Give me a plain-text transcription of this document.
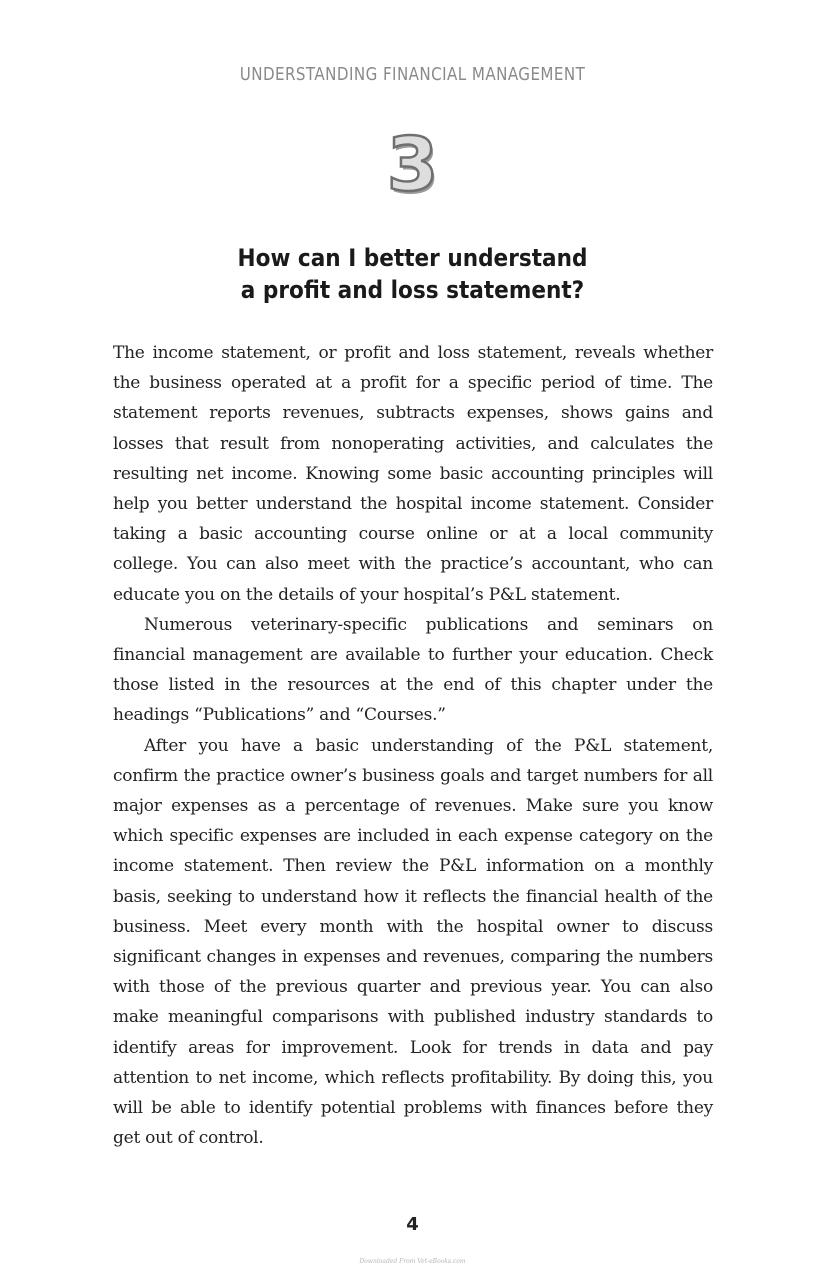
UNDERSTANDING FINANCIAL MANAGEMENT
3
How can I better understand
a profit and loss statement?

The income statement, or profit and loss statement, reveals whether the business operated at a profit for a specific period of time. The statement reports revenues, subtracts expenses, shows gains and losses that result from nonoperating activities, and calculates the resulting net income. Knowing some basic accounting principles will help you better understand the hospital income statement. Consider taking a basic accounting course online or at a local community college. You can also meet with the practice’s accountant, who can educate you on the details of your hospital’s P&L statement.

Numerous veterinary-specific publications and seminars on financial management are available to further your education. Check those listed in the resources at the end of this chapter under the headings “Publications” and “Courses.”

After you have a basic understanding of the P&L statement, confirm the practice owner’s business goals and target numbers for all major expenses as a percentage of revenues. Make sure you know which specific expenses are included in each expense category on the income statement. Then review the P&L information on a monthly basis, seeking to understand how it reflects the financial health of the business. Meet every month with the hospital owner to discuss significant changes in expenses and revenues, comparing the numbers with those of the previous quarter and previous year. You can also make meaningful comparisons with published industry standards to identify areas for improvement. Look for trends in data and pay attention to net income, which reflects profitability. By doing this, you will be able to identify potential problems with finances before they get out of control.

4
Downloaded From Vet-eBooks.com
